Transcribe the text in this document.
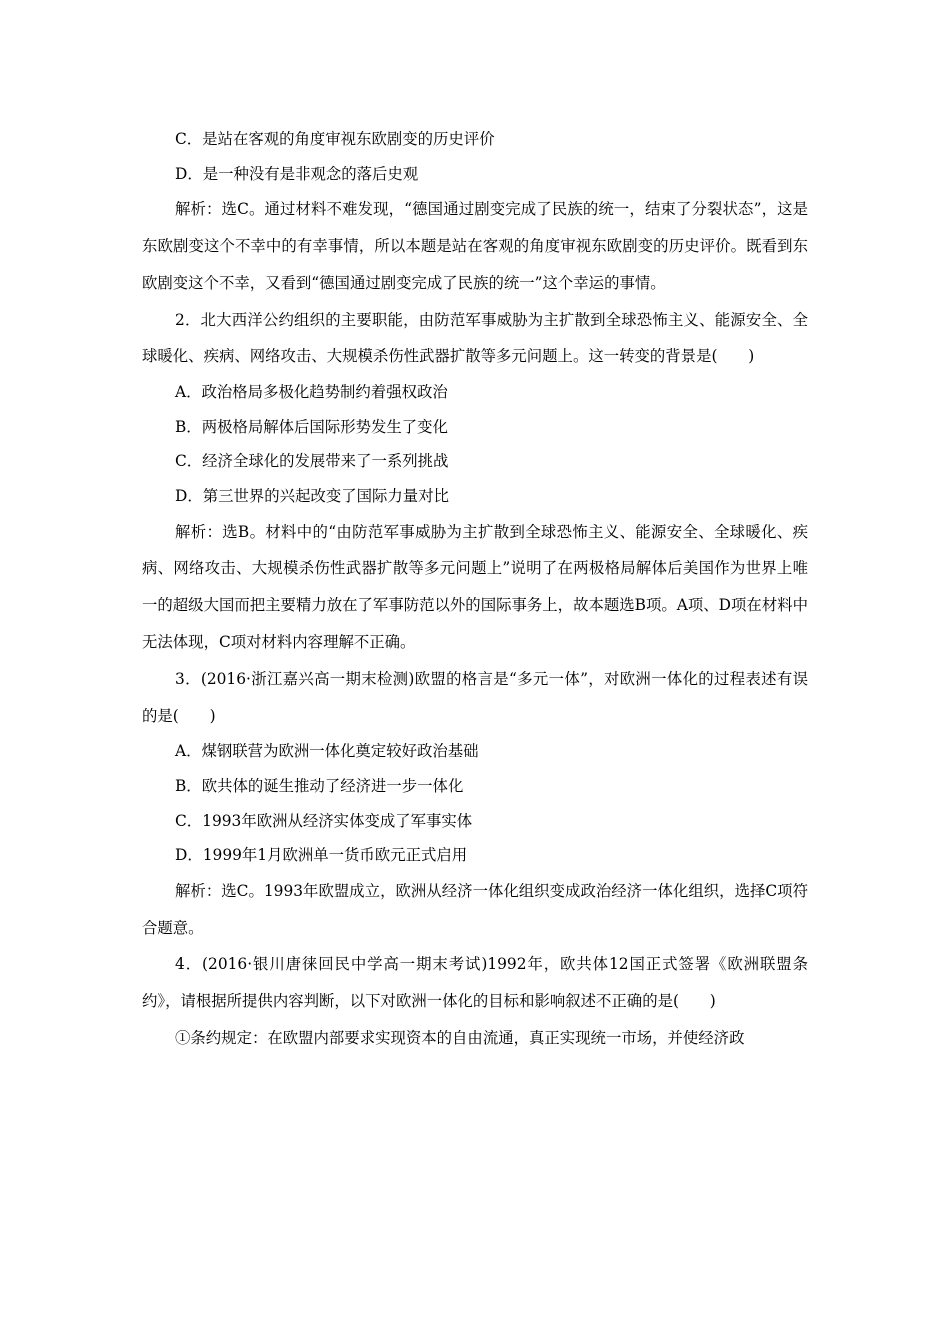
C．是站在客观的角度审视东欧剧变的历史评价
D．是一种没有是非观念的落后史观
解析：选C。通过材料不难发现，“德国通过剧变完成了民族的统一，结束了分裂状态”，这是东欧剧变这个不幸中的有幸事情，所以本题是站在客观的角度审视东欧剧变的历史评价。既看到东欧剧变这个不幸，又看到“德国通过剧变完成了民族的统一”这个幸运的事情。
2．北大西洋公约组织的主要职能，由防范军事威胁为主扩散到全球恐怖主义、能源安全、全球暖化、疾病、网络攻击、大规模杀伤性武器扩散等多元问题上。这一转变的背景是(　　)
A．政治格局多极化趋势制约着强权政治
B．两极格局解体后国际形势发生了变化
C．经济全球化的发展带来了一系列挑战
D．第三世界的兴起改变了国际力量对比
解析：选B。材料中的“由防范军事威胁为主扩散到全球恐怖主义、能源安全、全球暖化、疾病、网络攻击、大规模杀伤性武器扩散等多元问题上”说明了在两极格局解体后美国作为世界上唯一的超级大国而把主要精力放在了军事防范以外的国际事务上，故本题选B项。A项、D项在材料中无法体现，C项对材料内容理解不正确。
3．(2016·浙江嘉兴高一期末检测)欧盟的格言是“多元一体”，对欧洲一体化的过程表述有误的是(　　)
A．煤钢联营为欧洲一体化奠定较好政治基础
B．欧共体的诞生推动了经济进一步一体化
C．1993年欧洲从经济实体变成了军事实体
D．1999年1月欧洲单一货币欧元正式启用
解析：选C。1993年欧盟成立，欧洲从经济一体化组织变成政治经济一体化组织，选择C项符合题意。
4．(2016·银川唐徕回民中学高一期末考试)1992年，欧共体12国正式签署《欧洲联盟条约》，请根据所提供内容判断，以下对欧洲一体化的目标和影响叙述不正确的是(　　)
①条约规定：在欧盟内部要求实现资本的自由流通，真正实现统一市场，并使经济政
